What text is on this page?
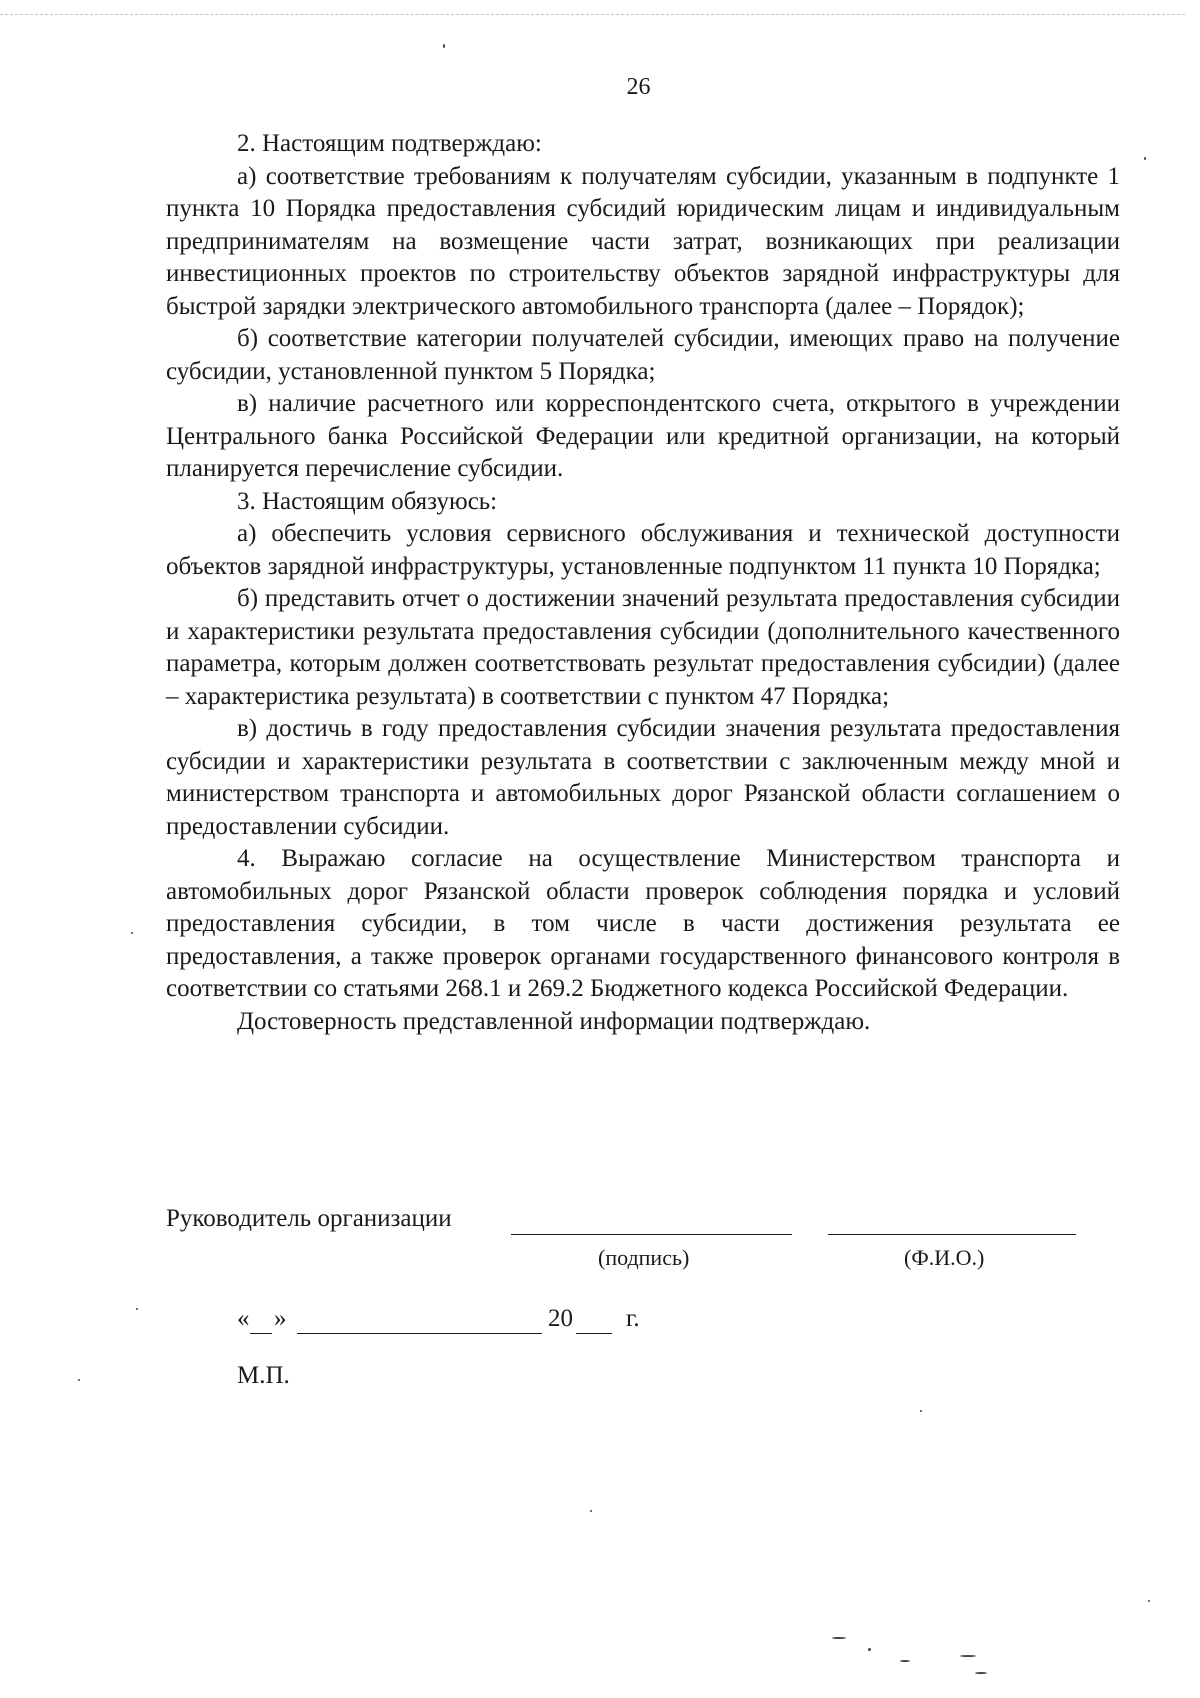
26

2. Настоящим подтверждаю:

а) соответствие требованиям к получателям субсидии, указанным в подпункте 1 пункта 10 Порядка предоставления субсидий юридическим лицам и индивидуальным предпринимателям на возмещение части затрат, возникающих при реализации инвестиционных проектов по строительству объектов зарядной инфраструктуры для быстрой зарядки электрического автомобильного транспорта (далее – Порядок);

б) соответствие категории получателей субсидии, имеющих право на получение субсидии, установленной пунктом 5 Порядка;

в) наличие расчетного или корреспондентского счета, открытого в учреждении Центрального банка Российской Федерации или кредитной организации, на который планируется перечисление субсидии.

3. Настоящим обязуюсь:

а) обеспечить условия сервисного обслуживания и технической доступности объектов зарядной инфраструктуры, установленные подпунктом 11 пункта 10 Порядка;

б) представить отчет о достижении значений результата предоставления субсидии и характеристики результата предоставления субсидии (дополнительного качественного параметра, которым должен соответствовать результат предоставления субсидии) (далее – характеристика результата) в соответствии с пунктом 47 Порядка;

в) достичь в году предоставления субсидии значения результата предоставления субсидии и характеристики результата в соответствии с заключенным между мной и министерством транспорта и автомобильных дорог Рязанской области соглашением о предоставлении субсидии.

4. Выражаю согласие на осуществление Министерством транспорта и автомобильных дорог Рязанской области проверок соблюдения порядка и условий предоставления субсидии, в том числе в части достижения результата ее предоставления, а также проверок органами государственного финансового контроля в соответствии со статьями 268.1 и 269.2 Бюджетного кодекса Российской Федерации.

Достоверность представленной информации подтверждаю.

Руководитель организации
(подпись)	(Ф.И.О.)
« »	20 г.
М.П.
